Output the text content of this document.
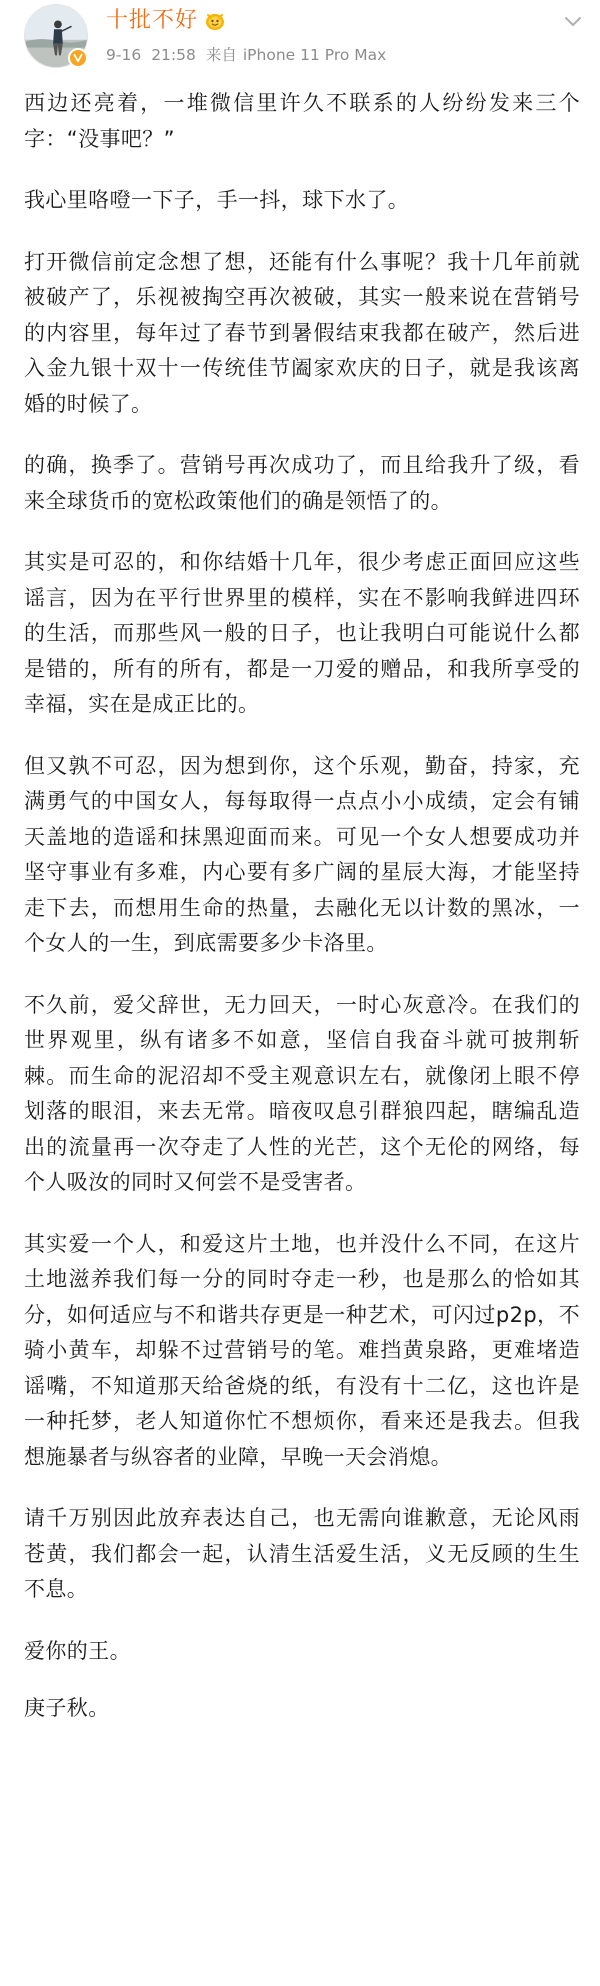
十批不好
9-16 21:58 来自 iPhone 11 Pro Max

西边还亮着，一堆微信里许久不联系的人纷纷发来三个字：“没事吧？”

我心里咯噔一下子，手一抖，球下水了。

打开微信前定念想了想，还能有什么事呢？我十几年前就被破产了，乐视被掏空再次被破，其实一般来说在营销号的内容里，每年过了春节到暑假结束我都在破产，然后进入金九银十双十一传统佳节阖家欢庆的日子，就是我该离婚的时候了。

的确，换季了。营销号再次成功了，而且给我升了级，看来全球货币的宽松政策他们的确是领悟了的。

其实是可忍的，和你结婚十几年，很少考虑正面回应这些谣言，因为在平行世界里的模样，实在不影响我鲜进四环的生活，而那些风一般的日子，也让我明白可能说什么都是错的，所有的所有，都是一刀爱的赠品，和我所享受的幸福，实在是成正比的。

但又孰不可忍，因为想到你，这个乐观，勤奋，持家，充满勇气的中国女人，每每取得一点点小小成绩，定会有铺天盖地的造谣和抹黑迎面而来。可见一个女人想要成功并坚守事业有多难，内心要有多广阔的星辰大海，才能坚持走下去，而想用生命的热量，去融化无以计数的黑冰，一个女人的一生，到底需要多少卡洛里。

不久前，爱父辞世，无力回天，一时心灰意冷。在我们的世界观里，纵有诸多不如意，坚信自我奋斗就可披荆斩棘。而生命的泥沼却不受主观意识左右，就像闭上眼不停划落的眼泪，来去无常。暗夜叹息引群狼四起，瞎编乱造出的流量再一次夺走了人性的光芒，这个无伦的网络，每个人吸汝的同时又何尝不是受害者。

其实爱一个人，和爱这片土地，也并没什么不同，在这片土地滋养我们每一分的同时夺走一秒，也是那么的恰如其分，如何适应与不和谐共存更是一种艺术，可闪过p2p，不骑小黄车，却躲不过营销号的笔。难挡黄泉路，更难堵造谣嘴，不知道那天给爸烧的纸，有没有十二亿，这也许是一种托梦，老人知道你忙不想烦你，看来还是我去。但我想施暴者与纵容者的业障，早晚一天会消熄。

请千万别因此放弃表达自己，也无需向谁歉意，无论风雨苍黄，我们都会一起，认清生活爱生活，义无反顾的生生不息。

爱你的王。

庚子秋。
